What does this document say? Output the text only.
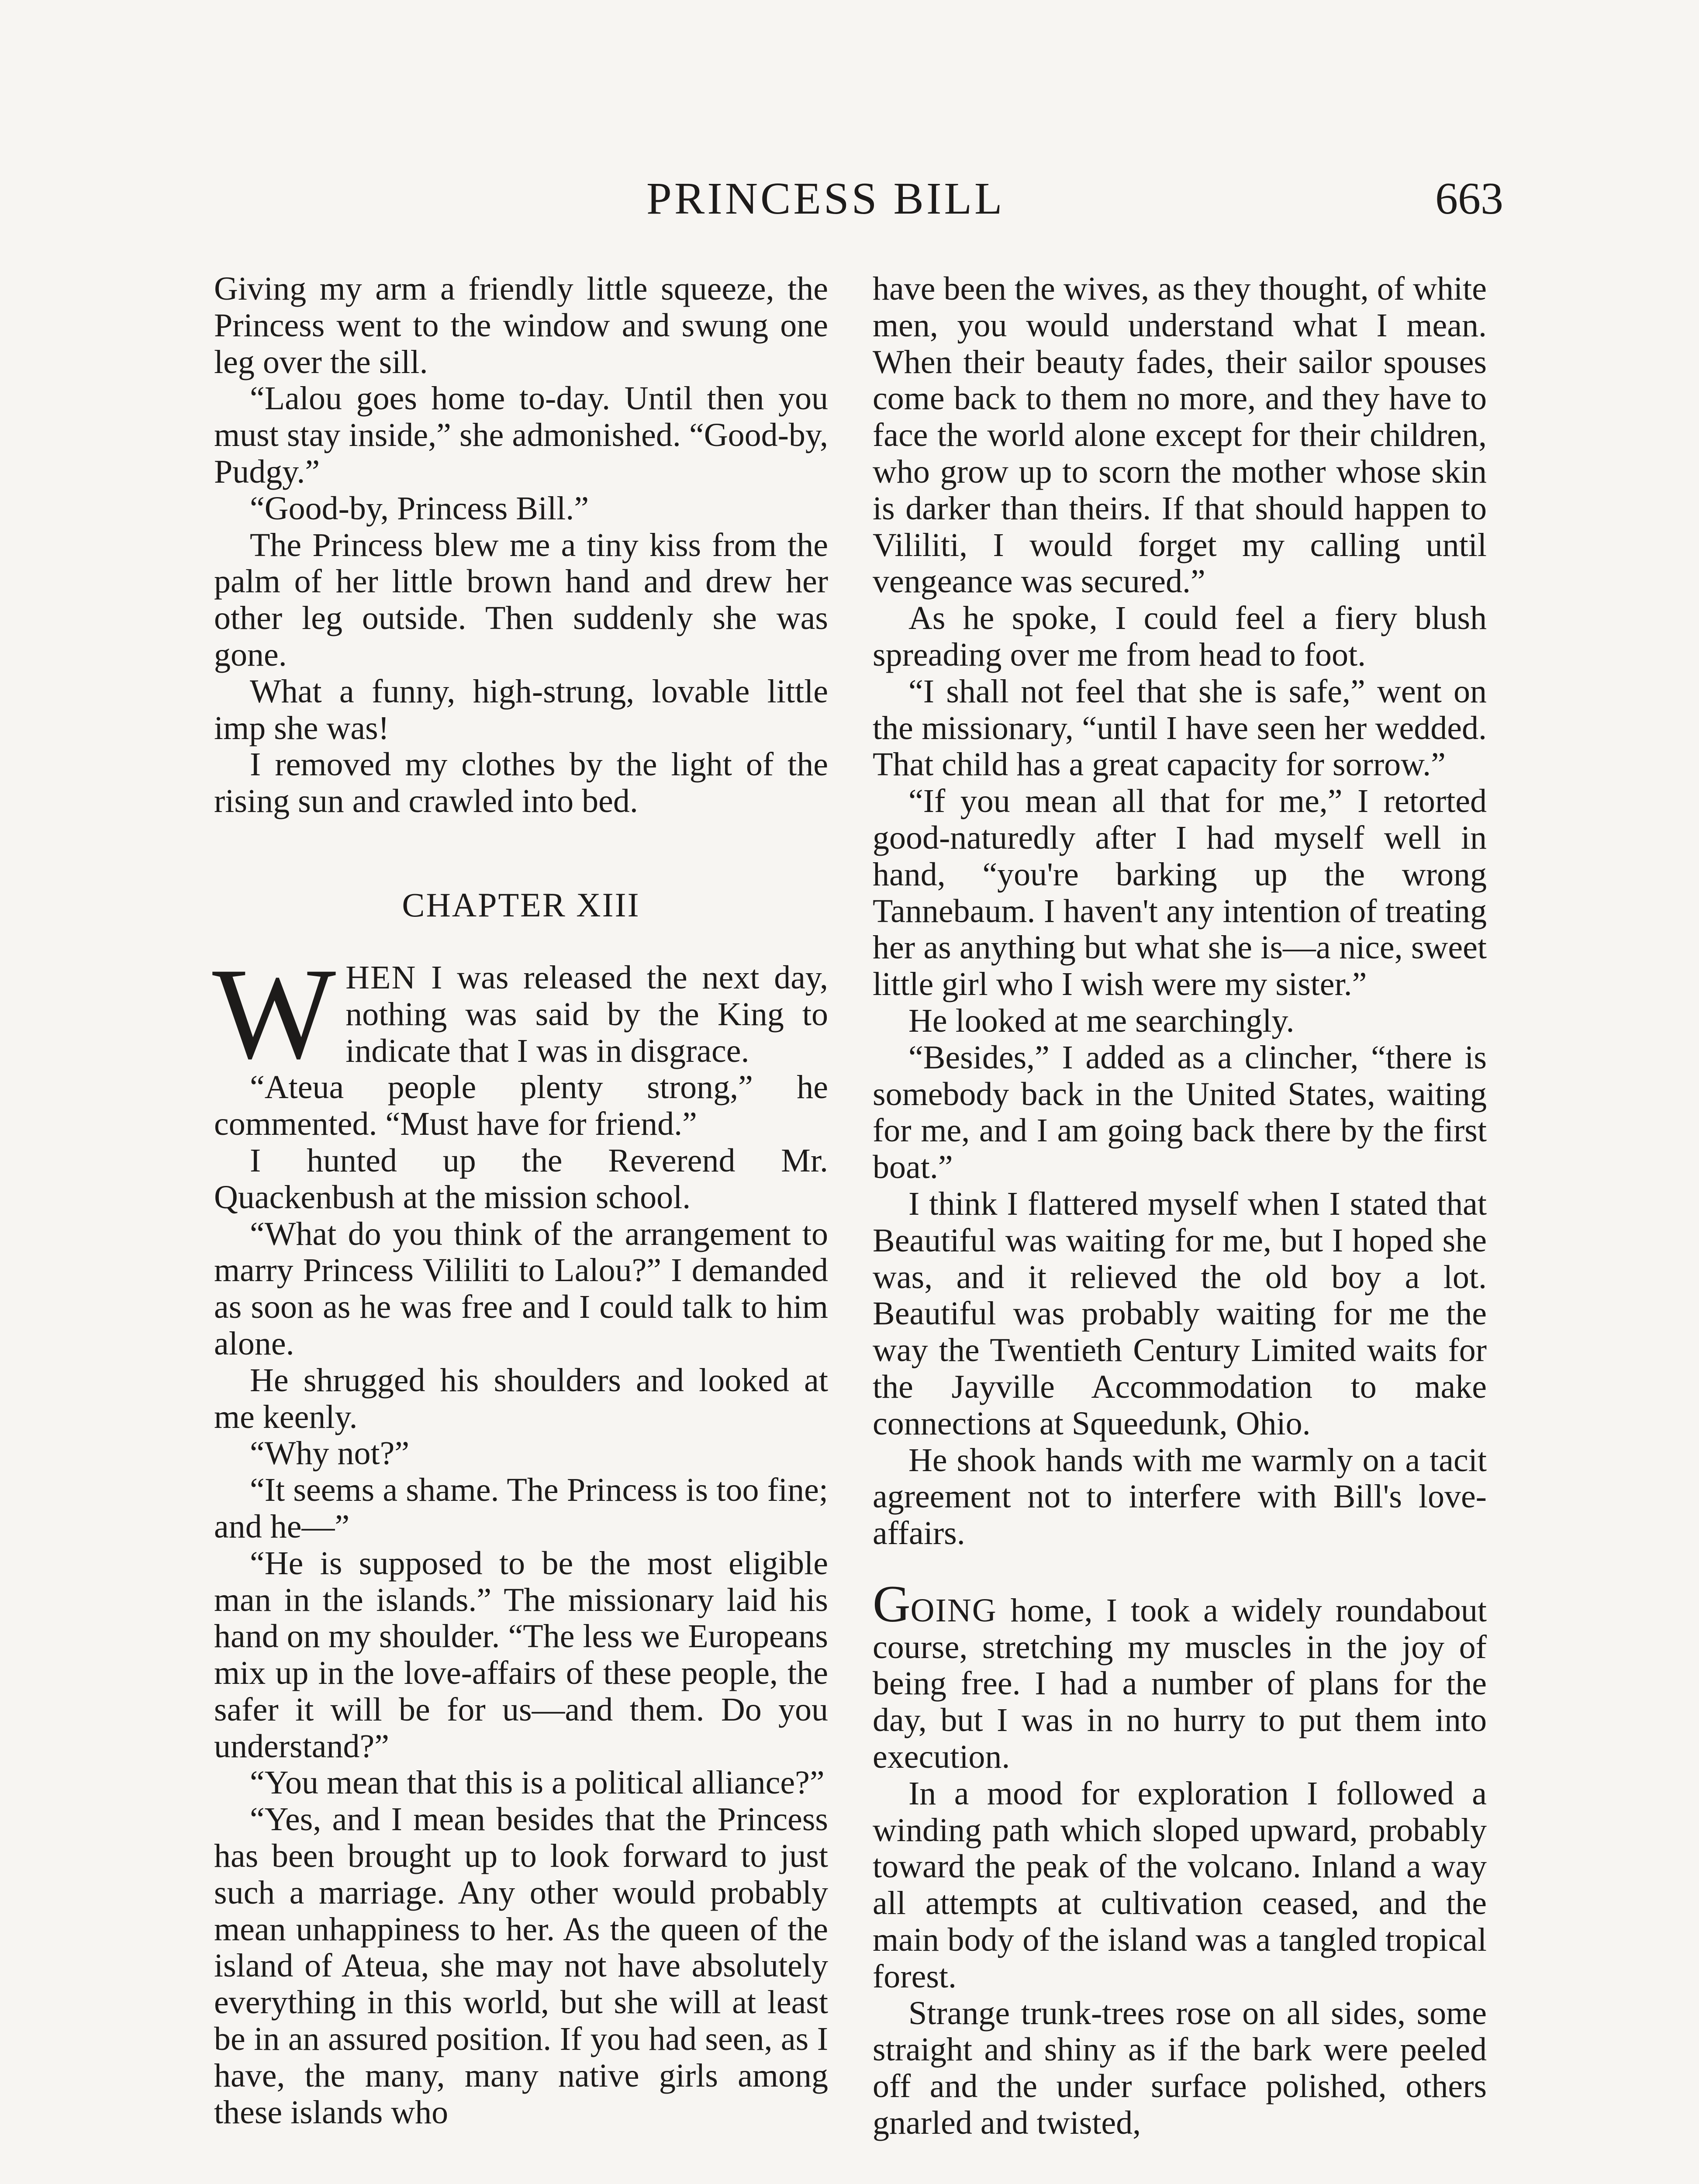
PRINCESS BILL	663

Giving my arm a friendly little squeeze, the Princess went to the window and swung one leg over the sill.

“Lalou goes home to-day. Until then you must stay inside,” she admonished. “Good-by, Pudgy.”

“Good-by, Princess Bill.”

The Princess blew me a tiny kiss from the palm of her little brown hand and drew her other leg outside. Then suddenly she was gone.

What a funny, high-strung, lovable little imp she was!

I removed my clothes by the light of the rising sun and crawled into bed.

CHAPTER XIII

WHEN I was released the next day, nothing was said by the King to indicate that I was in disgrace.

“Ateua people plenty strong,” he commented. “Must have for friend.”

I hunted up the Reverend Mr. Quackenbush at the mission school.

“What do you think of the arrangement to marry Princess Vililiti to Lalou?” I demanded as soon as he was free and I could talk to him alone.

He shrugged his shoulders and looked at me keenly.

“Why not?”

“It seems a shame. The Princess is too fine; and he—”

“He is supposed to be the most eligible man in the islands.” The missionary laid his hand on my shoulder. “The less we Europeans mix up in the love-affairs of these people, the safer it will be for us—and them. Do you understand?”

“You mean that this is a political alliance?”

“Yes, and I mean besides that the Princess has been brought up to look forward to just such a marriage. Any other would probably mean unhappiness to her. As the queen of the island of Ateua, she may not have absolutely everything in this world, but she will at least be in an assured position. If you had seen, as I have, the many, many native girls among these islands who

have been the wives, as they thought, of white men, you would understand what I mean. When their beauty fades, their sailor spouses come back to them no more, and they have to face the world alone except for their children, who grow up to scorn the mother whose skin is darker than theirs. If that should happen to Vililiti, I would forget my calling until vengeance was secured.”

As he spoke, I could feel a fiery blush spreading over me from head to foot.

“I shall not feel that she is safe,” went on the missionary, “until I have seen her wedded. That child has a great capacity for sorrow.”

“If you mean all that for me,” I retorted good-naturedly after I had myself well in hand, “you're barking up the wrong Tannebaum. I haven't any intention of treating her as anything but what she is—a nice, sweet little girl who I wish were my sister.”

He looked at me searchingly.

“Besides,” I added as a clincher, “there is somebody back in the United States, waiting for me, and I am going back there by the first boat.”

I think I flattered myself when I stated that Beautiful was waiting for me, but I hoped she was, and it relieved the old boy a lot. Beautiful was probably waiting for me the way the Twentieth Century Limited waits for the Jayville Accommodation to make connections at Squeedunk, Ohio.

He shook hands with me warmly on a tacit agreement not to interfere with Bill's love-affairs.

GOING home, I took a widely roundabout course, stretching my muscles in the joy of being free. I had a number of plans for the day, but I was in no hurry to put them into execution.

In a mood for exploration I followed a winding path which sloped upward, probably toward the peak of the volcano. Inland a way all attempts at cultivation ceased, and the main body of the island was a tangled tropical forest.

Strange trunk-trees rose on all sides, some straight and shiny as if the bark were peeled off and the under surface polished, others gnarled and twisted,
